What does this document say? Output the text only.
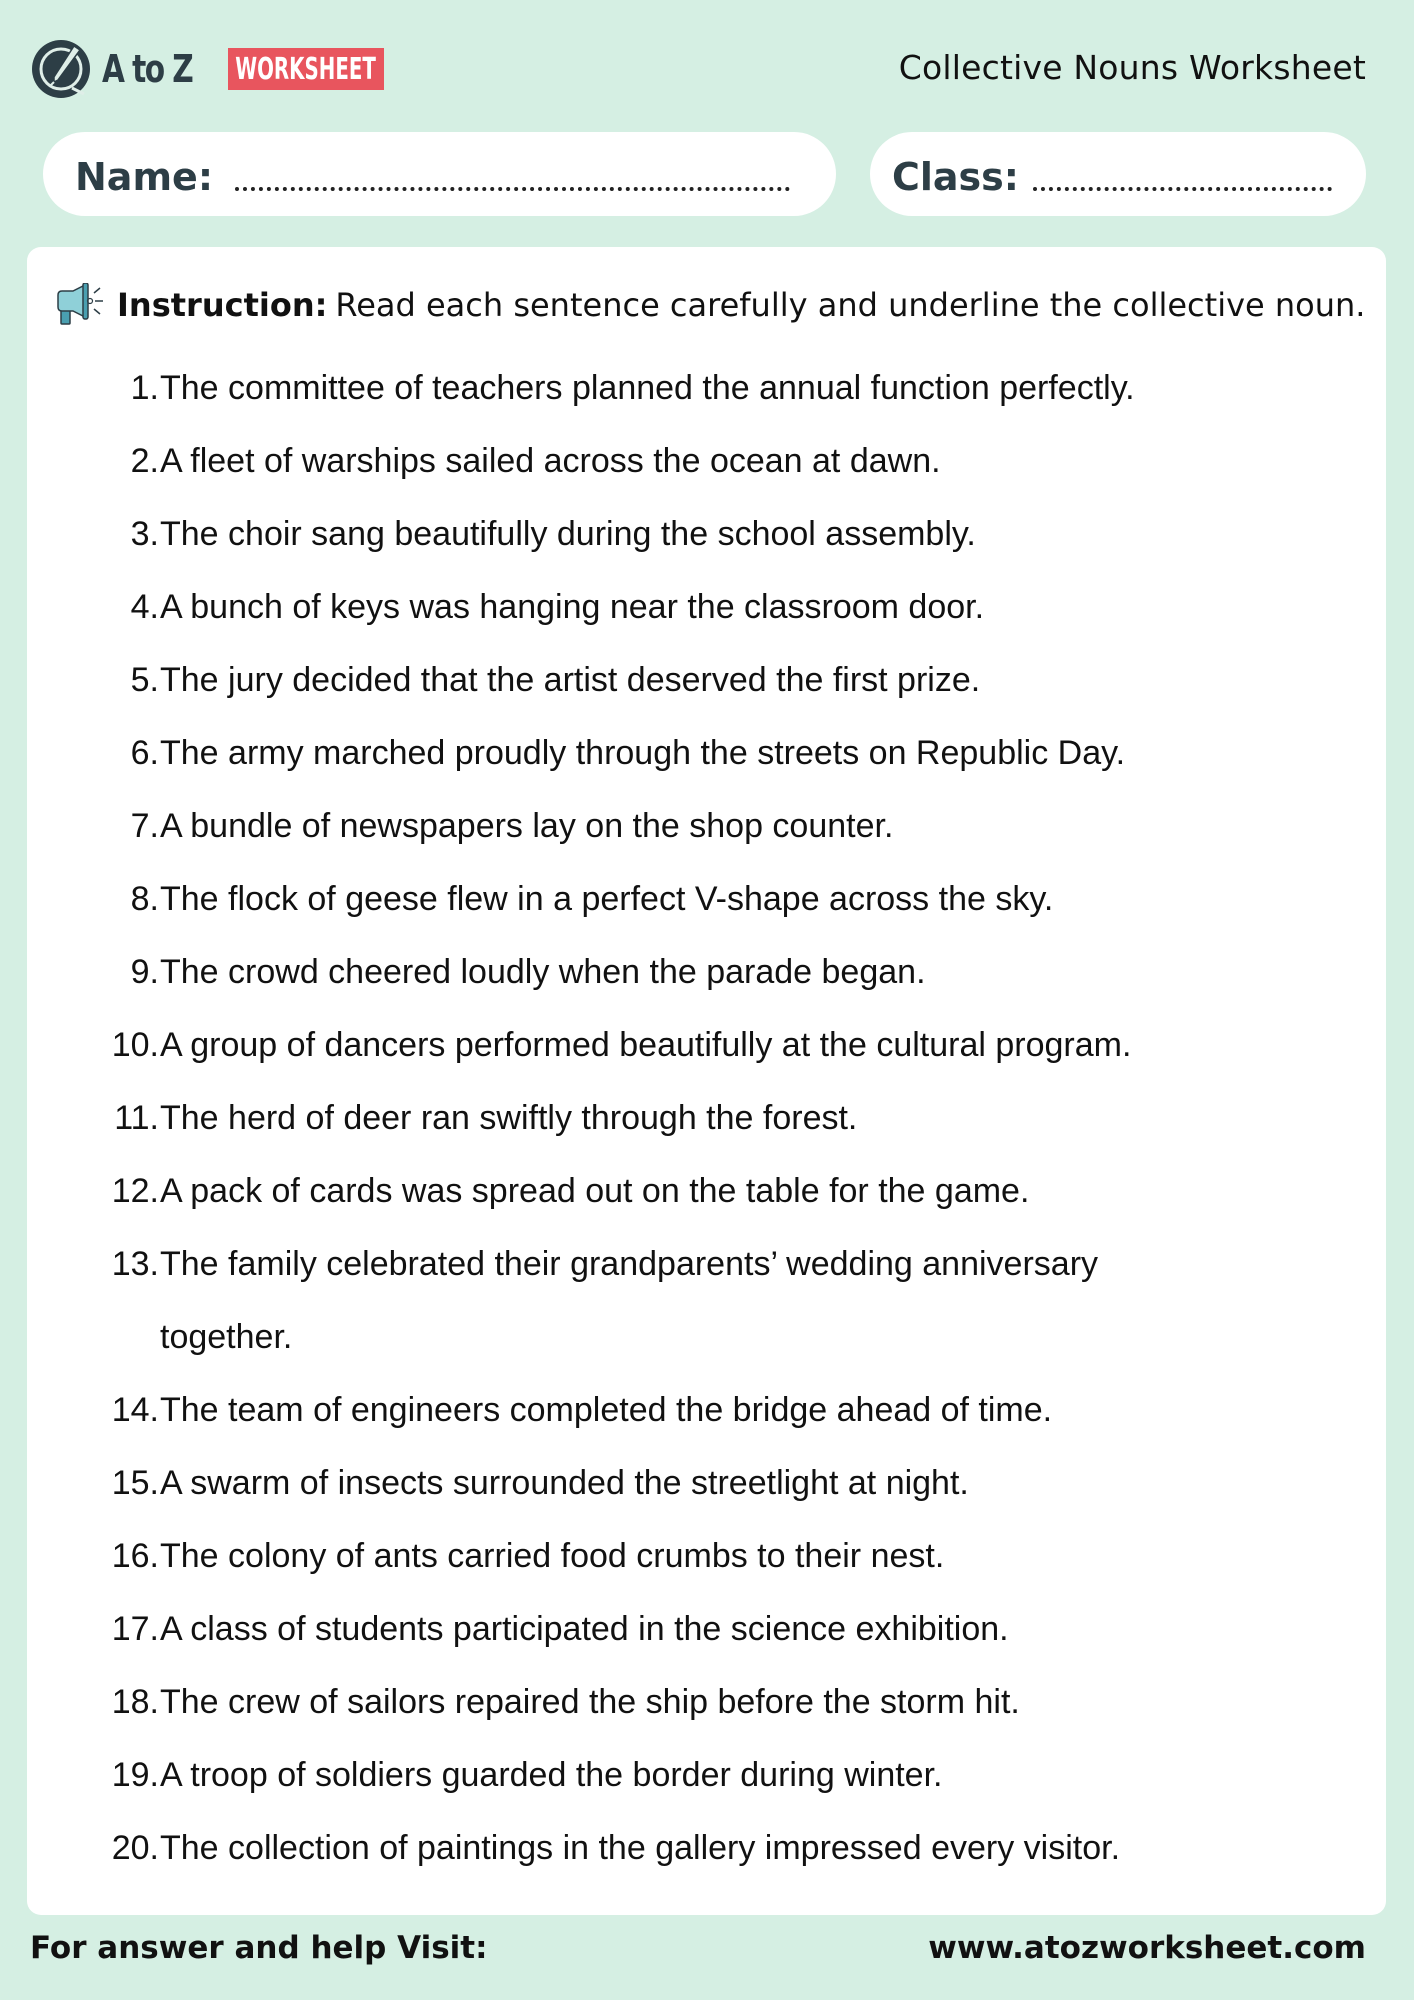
A to Z WORKSHEET	Collective Nouns Worksheet
Name:	Class:
Instruction: Read each sentence carefully and underline the collective noun.
1. The committee of teachers planned the annual function perfectly.
2. A fleet of warships sailed across the ocean at dawn.
3. The choir sang beautifully during the school assembly.
4. A bunch of keys was hanging near the classroom door.
5. The jury decided that the artist deserved the first prize.
6. The army marched proudly through the streets on Republic Day.
7. A bundle of newspapers lay on the shop counter.
8. The flock of geese flew in a perfect V-shape across the sky.
9. The crowd cheered loudly when the parade began.
10. A group of dancers performed beautifully at the cultural program.
11. The herd of deer ran swiftly through the forest.
12. A pack of cards was spread out on the table for the game.
13. The family celebrated their grandparents’ wedding anniversary
together.
14. The team of engineers completed the bridge ahead of time.
15. A swarm of insects surrounded the streetlight at night.
16. The colony of ants carried food crumbs to their nest.
17. A class of students participated in the science exhibition.
18. The crew of sailors repaired the ship before the storm hit.
19. A troop of soldiers guarded the border during winter.
20. The collection of paintings in the gallery impressed every visitor.
For answer and help Visit:	www.atozworksheet.com
